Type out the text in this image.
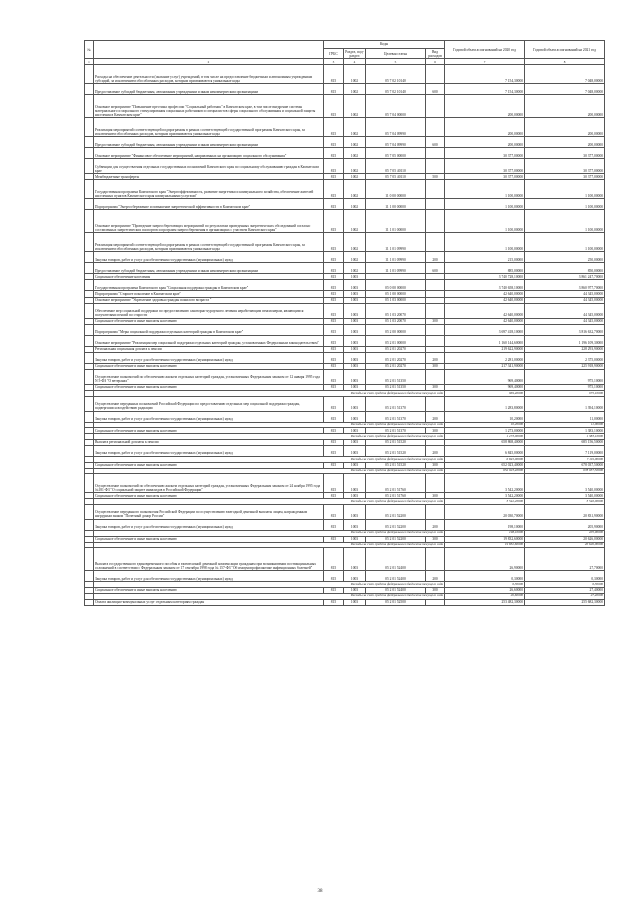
№		Коды				Годовой объем ассигнований на 2020 год	Годовой объем ассигнований на 2021 год
		ГРБС	Раздел, под-раздел	Целевая статья	Вид расходов		
1	2	3	4	5	6	7	8
	Расходы на обеспечение деятельности (оказание услуг) учреждений, в том числе на предоставление бюджетным и автономным учреждениям субсидий, за исключением обособленных расходов, которым присваиваются уникальные коды	815	1002	05 7 02 10140		7 154,30000	7 048,00000
	Предоставление субсидий бюджетным, автономным учреждениям и иным некоммерческим организациям	815	1002	05 7 02 10140	600	7 154,30000	7 048,00000
	Основное мероприятие "Повышение престижа профессии "Социальный работник" в Камчатском крае, в том числе внедрение системы материального и морального стимулирования социальных работников и специалистов сферы социального обслуживания и социальной защиты населения в Камчатском крае"	815	1002	05 7 04 00000		200,00000	200,00000
	Реализация мероприятий соответствующей подпрограммы в рамках соответствующей государственной программы Камчатского края, за исключением обособленных расходов, которым присваиваются уникальные коды	815	1002	05 7 04 09990		200,00000	200,00000
	Предоставление субсидий бюджетным, автономным учреждениям и иным некоммерческим организациям	815	1002	05 7 04 09990	600	200,00000	200,00000
	Основное мероприятие "Финансовое обеспечение мероприятий, направленных на организацию социального обслуживания"	815	1002	05 7 05 00000		30 377,00000	30 377,00000
	Субвенции для осуществления отдельных государственных полномочий Камчатского края по социальному обслуживанию граждан в Камчатском крае	815	1002	05 7 05 40110		30 377,00000	30 377,00000
	Межбюджетные трансферты	815	1002	05 7 05 40110	500	30 377,00000	30 377,00000
	Государственная программа Камчатского края "Энергоэффективность, развитие энергетики и коммунального хозяйства, обеспечение жителей населенных пунктов Камчатского края коммунальными услугами"	815	1002	11 0 00 00000		1 100,00000	1 100,00000
	Подпрограмма "Энергосбережение и повышение энергетической эффективности в Камчатском крае"	815	1002	11 1 00 00000		1 100,00000	1 100,00000
	Основное мероприятие "Проведение энергосберегающих мероприятий по результатам проведенных энергетических обследований согласно составленных энергетических паспортов и программ энергосбережения в организациях с участием Камчатского края"	815	1002	11 1 01 00000		1 100,00000	1 100,00000
	Реализация мероприятий соответствующей подпрограммы в рамках соответствующей государственной программы Камчатского края, за исключением обособленных расходов, которым присваиваются уникальные коды	815	1002	11 1 01 09990		1 100,00000	1 100,00000
	Закупка товаров, работ и услуг для обеспечения государственных (муниципальных) нужд	815	1002	11 1 01 09990	200	215,00000	250,00000
	Предоставление субсидий бюджетным, автономным учреждениям и иным некоммерческим организациям	815	1002	11 1 01 09990	600	885,00000	850,00000
	Социальное обеспечение населения	815	1003			3 740 728,10000	3 861 247,70000
	Государственная программа Камчатского края "Социальная поддержка граждан в Камчатском крае"	815	1003	05 0 00 00000		3 740 658,10000	3 860 977,70000
	Подпрограмма "Старшее поколение в Камчатском крае"	815	1003	05 1 00 00000		42 640,00000	44 345,00000
	Основное мероприятие "Укрепление здоровья граждан пожилого возраста "	815	1003	05 1 03 00000		42 640,00000	44 345,00000
	Обеспечение мер социальной поддержки по предоставлению санаторно-курортного лечения неработающим пенсионерам, являющимся получателями пенсий по старости	815	1003	05 1 03 20070		42 640,00000	44 345,00000
	Социальное обеспечение и иные выплаты населению	815	1003	05 1 03 20070	300	42 640,00000	44 345,00000
	Подпрограмма "Меры социальной поддержки отдельных категорий граждан в Камчатском крае"	815	1003	05 2 00 00000		3 697 418,10000	3 816 632,70000
	Основное мероприятие "Реализация мер социальной поддержки отдельных категорий граждан, установленных Федеральным законодательством"	815	1003	05 2 01 00000		1 160 144,60000	1 196 109,30000
	Региональная социальная доплата к пенсии	815	1003	05 2 01 20270		219 622,90000	228 293,90000
	Закупка товаров, работ и услуг для обеспечения государственных (муниципальных) нужд	815	1003	05 2 01 20270	200	2 281,00000	2 375,00000
	Социальное обеспечение и иные выплаты населению	815	1003	05 2 01 20270	300	217 341,90000	225 918,90000
	Осуществление полномочий по обеспечению жильем отдельных категорий граждан, установленных Федеральным законом от 12 января 1995 года N 5-ФЗ "О ветеранах"	815	1003	05 2 01 51350		969,40000	975,10000
	Социальное обеспечение и иные выплаты населению	815	1003	05 2 01 51350	300	969,40000	975,10000
	Расходы за счет средств федерального бюджета текущего года					969,40000	975,10000
	Осуществление переданных полномочий Российской Федерации по предоставлению отдельных мер социальной поддержки граждан, подвергшихся воздействию радиации	815	1003	05 2 01 51370		1 283,80000	1 394,10000
	Закупка товаров, работ и услуг для обеспечения государственных (муниципальных) нужд	815	1003	05 2 01 51370	200	10,20000	11,00000
	Расходы за счет средств федерального бюджета текущего года					10,20000	11,00000
	Социальное обеспечение и иные выплаты населению	815	1003	05 2 01 51370	300	1 273,00000	1 383,10000
	Расходы за счет средств федерального бюджета текущего года					1 273,00000	1 383,10000
	Выплата региональной доплаты к пенсии	815	1003	05 2 01 51520		658 868,40000	685 156,50000
	Закупка товаров, работ и услуг для обеспечения государственных (муниципальных) нужд	815	1003	05 2 01 51520	200	6 845,00000	7 119,00000
	Расходы за счет средств федерального бюджета текущего года					6 845,00000	7 119,00000
	Социальное обеспечение и иные выплаты населению	815	1003	05 2 01 51520	300	652 023,40000	678 037,50000
	Расходы за счет средств федерального бюджета текущего года					652 023,40000	678 037,50000
	Осуществление полномочий по обеспечению жильем отдельных категорий граждан, установленных Федеральным законом от 24 ноября 1995 года №181-ФЗ "О социальной защите инвалидов в Российской Федерации"	815	1003	05 2 01 51760		3 542,20000	3 540,00000
	Социальное обеспечение и иные выплаты населению	815	1003	05 2 01 51760	300	3 542,20000	3 540,00000
	Расходы за счет средств федерального бюджета текущего года					3 542,20000	3 540,00000
	Осуществление переданного полномочия Российской Федерации по осуществлению ежегодной денежной выплаты лицам, награжденным нагрудным знаком "Почетный донор России"	815	1003	05 2 01 52200		20 030,70000	20 831,90000
	Закупка товаров, работ и услуг для обеспечения государственных (муниципальных) нужд	815	1003	05 2 01 52200	200	198,10000	205,90000
	Расходы за счет средств федерального бюджета текущего года					198,10000	205,90000
	Социальное обеспечение и иные выплаты населению	815	1003	05 2 01 52200	300	19 832,60000	20 626,00000
	Расходы за счет средств федерального бюджета текущего года					19 832,60000	20 626,00000
	Выплата государственного единовременного пособия и ежемесячной денежной компенсации гражданам при возникновении поствакцинальных осложнений в соответствии с Федеральным законом от 17 сентября 1998 года № 157-ФЗ "Об иммунопрофилактике инфекционных болезней"	815	1003	05 2 01 52400		26,90000	27,70000
	Закупка товаров, работ и услуг для обеспечения государственных (муниципальных) нужд	815	1003	05 2 01 52400	200	0,30000	0,30000
	Расходы за счет средств федерального бюджета текущего года					0,30000	0,30000
	Социальное обеспечение и иные выплаты населению	815	1003	05 2 01 52400	300	26,60000	27,40000
	Расходы за счет средств федерального бюджета текущего года					26,60000	27,40000
	Оплата жилищно-коммунальных услуг отдельным категориям граждан	815	1003	05 2 01 52500		253 482,30000	255 682,30000
38
